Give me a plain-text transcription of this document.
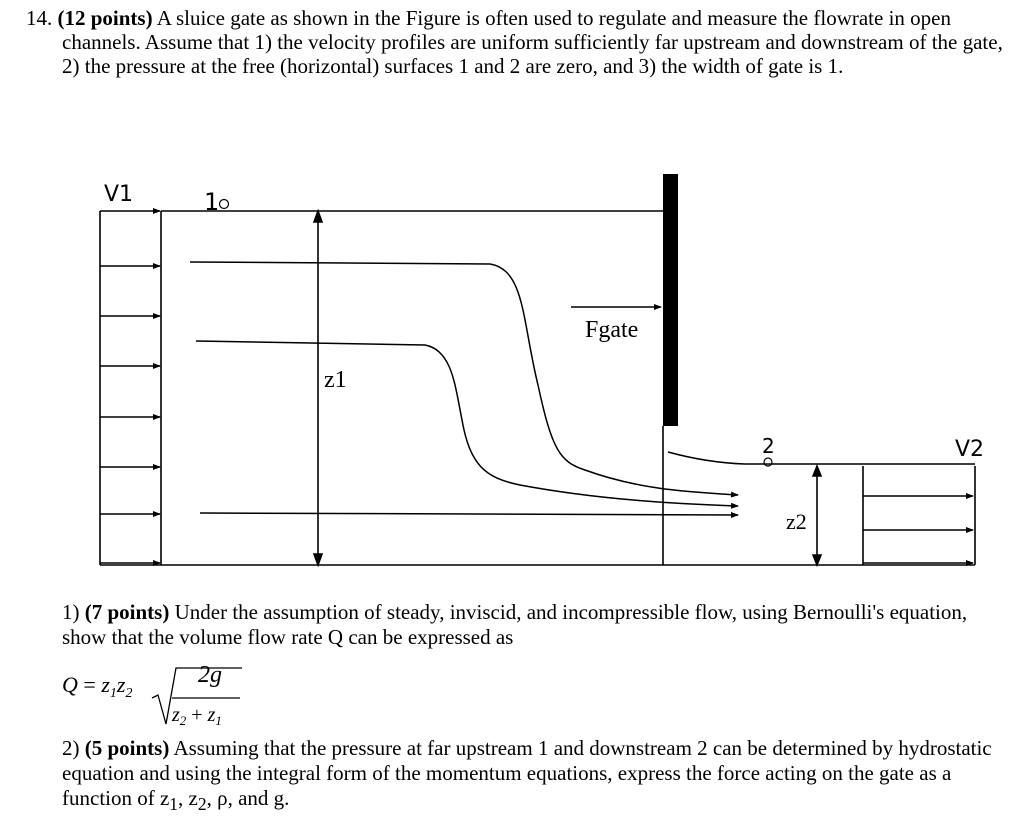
14. (12 points) A sluice gate as shown in the Figure is often used to regulate and measure the flowrate in open channels. Assume that 1) the velocity profiles are uniform sufficiently far upstream and downstream of the gate, 2) the pressure at the free (horizontal) surfaces 1 and 2 are zero, and 3) the width of gate is 1.
V1	1
z1
Fgate
2	V2
z2
1) (7 points) Under the assumption of steady, inviscid, and incompressible flow, using Bernoulli's equation, show that the volume flow rate Q can be expressed as
$Q = z_1z_2$
2g
$z_2 + z_1$
2) (5 points) Assuming that the pressure at far upstream 1 and downstream 2 can be determined by hydrostatic equation and using the integral form of the momentum equations, express the force acting on the gate as a function of $z_1$, $z_2$, ρ, and g.
